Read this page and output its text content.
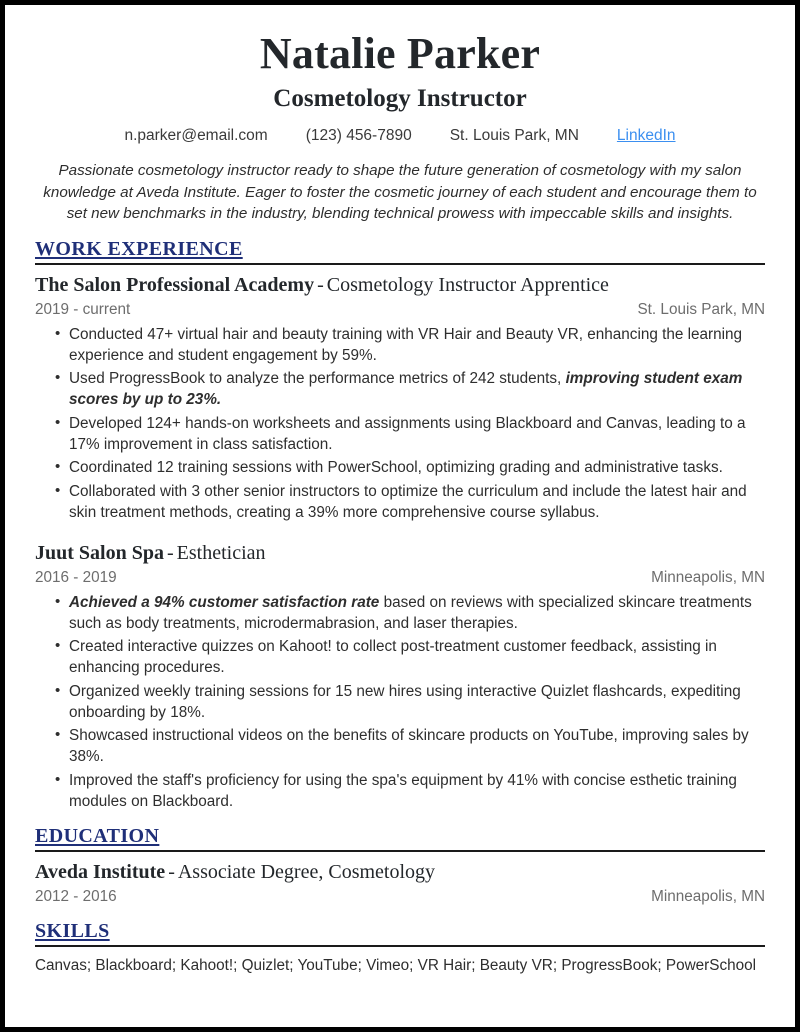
Natalie Parker
Cosmetology Instructor
n.parker@email.com (123) 456-7890 St. Louis Park, MN LinkedIn
Passionate cosmetology instructor ready to shape the future generation of cosmetology with my salon knowledge at Aveda Institute. Eager to foster the cosmetic journey of each student and encourage them to set new benchmarks in the industry, blending technical prowess with impeccable skills and insights.
WORK EXPERIENCE
The Salon Professional Academy - Cosmetology Instructor Apprentice
2019 - current	St. Louis Park, MN
• Conducted 47+ virtual hair and beauty training with VR Hair and Beauty VR, enhancing the learning experience and student engagement by 59%.
• Used ProgressBook to analyze the performance metrics of 242 students, improving student exam scores by up to 23%.
• Developed 124+ hands-on worksheets and assignments using Blackboard and Canvas, leading to a 17% improvement in class satisfaction.
• Coordinated 12 training sessions with PowerSchool, optimizing grading and administrative tasks.
• Collaborated with 3 other senior instructors to optimize the curriculum and include the latest hair and skin treatment methods, creating a 39% more comprehensive course syllabus.
Juut Salon Spa - Esthetician
2016 - 2019	Minneapolis, MN
• Achieved a 94% customer satisfaction rate based on reviews with specialized skincare treatments such as body treatments, microdermabrasion, and laser therapies.
• Created interactive quizzes on Kahoot! to collect post-treatment customer feedback, assisting in enhancing procedures.
• Organized weekly training sessions for 15 new hires using interactive Quizlet flashcards, expediting onboarding by 18%.
• Showcased instructional videos on the benefits of skincare products on YouTube, improving sales by 38%.
• Improved the staff's proficiency for using the spa's equipment by 41% with concise esthetic training modules on Blackboard.
EDUCATION
Aveda Institute - Associate Degree, Cosmetology
2012 - 2016	Minneapolis, MN
SKILLS
Canvas; Blackboard; Kahoot!; Quizlet; YouTube; Vimeo; VR Hair; Beauty VR; ProgressBook; PowerSchool
